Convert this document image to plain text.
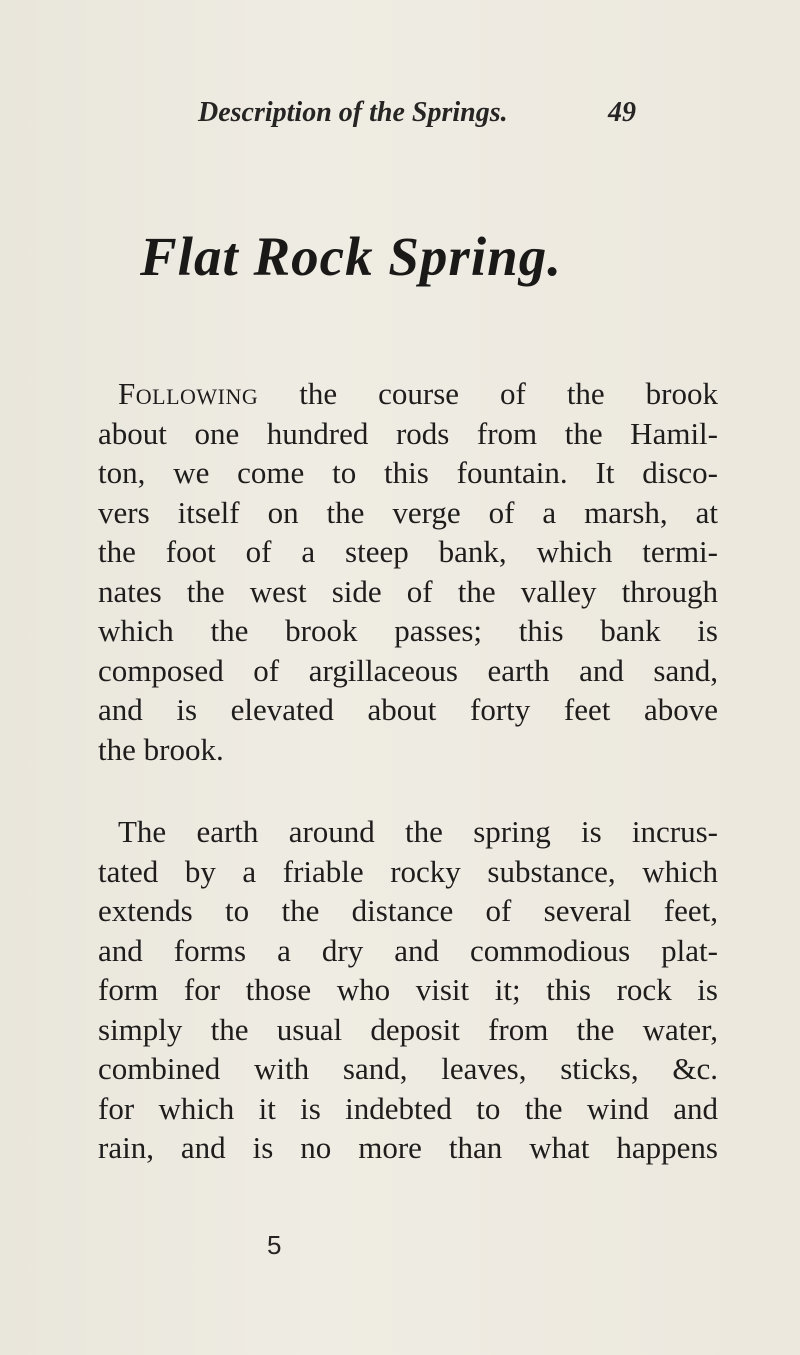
Description of the Springs.	49
Flat Rock Spring.
Following the course of the brook
about one hundred rods from the Hamil-
ton, we come to this fountain. It disco-
vers itself on the verge of a marsh, at
the foot of a steep bank, which termi-
nates the west side of the valley through
which the brook passes; this bank is
composed of argillaceous earth and sand,
and is elevated about forty feet above
the brook.
The earth around the spring is incrus-
tated by a friable rocky substance, which
extends to the distance of several feet,
and forms a dry and commodious plat-
form for those who visit it; this rock is
simply the usual deposit from the water,
combined with sand, leaves, sticks, &c.
for which it is indebted to the wind and
rain, and is no more than what happens
5
